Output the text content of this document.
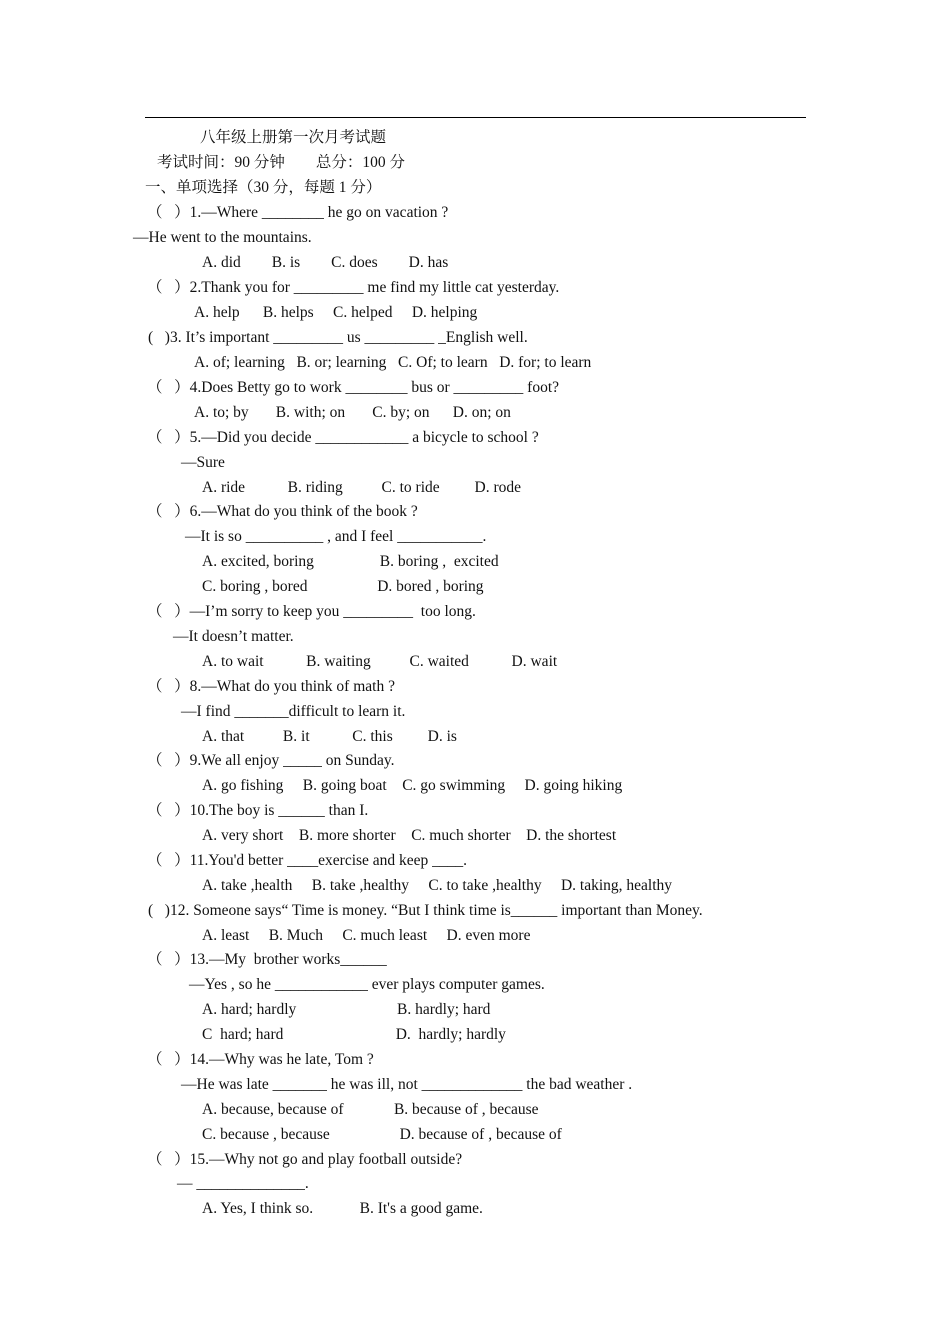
八年级上册第一次月考试题
考试时间：90 分钟        总分：100 分
一、单项选择（30 分，每题 1 分）
（   ）1.—Where ________ he go on vacation ?
—He went to the mountains.
A. did        B. is        C. does        D. has
（   ）2.Thank you for _________ me find my little cat yesterday.
A. help      B. helps     C. helped     D. helping
(   )3. It’s important _________ us _________ _English well.
A. of; learning   B. or; learning   C. Of; to learn   D. for; to learn
（   ）4.Does Betty go to work ________ bus or _________ foot?
A. to; by       B. with; on       C. by; on      D. on; on
（   ）5.—Did you decide ____________ a bicycle to school ?
—Sure
A. ride           B. riding          C. to ride         D. rode
（   ）6.—What do you think of the book ?
—It is so __________ , and I feel ___________.
A. excited, boring                 B. boring ,  excited
C. boring , bored                  D. bored , boring
（   ）—I’m sorry to keep you _________  too long.
—It doesn’t matter.
A. to wait           B. waiting          C. waited           D. wait
（   ）8.—What do you think of math ?
—I find _______difficult to learn it.
A. that          B. it           C. this         D. is
（   ）9.We all enjoy _____ on Sunday.
A. go fishing     B. going boat    C. go swimming     D. going hiking
（   ）10.The boy is ______ than I.
A. very short    B. more shorter    C. much shorter    D. the shortest
（   ）11.You'd better ____exercise and keep ____.
A. take ,health     B. take ,healthy     C. to take ,healthy     D. taking, healthy
(   )12. Someone says“ Time is money. “But I think time is______ important than Money.
A. least     B. Much     C. much least     D. even more
（   ）13.—My  brother works______
—Yes , so he ____________ ever plays computer games.
A. hard; hardly                          B. hardly; hard
C  hard; hard                             D.  hardly; hardly
（   ）14.—Why was he late, Tom ?
—He was late _______ he was ill, not _____________ the bad weather .
A. because, because of             B. because of , because
C. because , because                  D. because of , because of
（   ）15.—Why not go and play football outside?
— ______________.
A. Yes, I think so.            B. It's a good game.
